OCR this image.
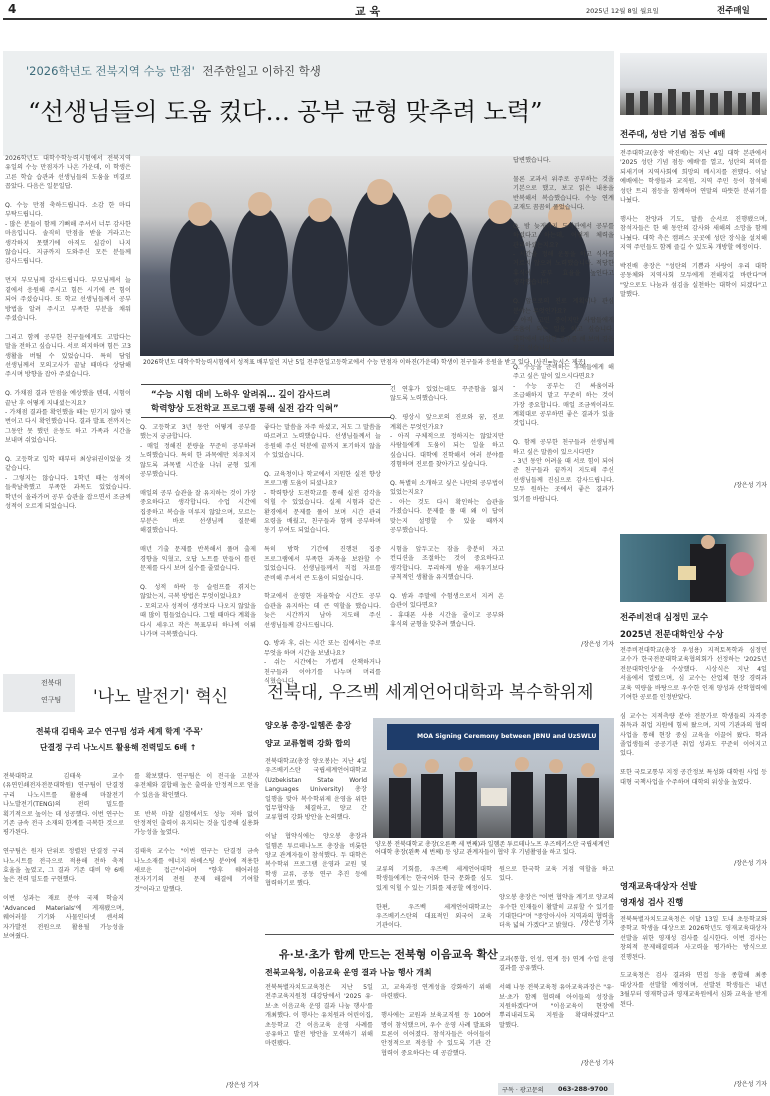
4	교 육	2025년 12월 8일 월요일	전주매일
'2026학년도 전북지역 수능 만점' 전주한일고 이하진 학생
“선생님들의 도움 컸다… 공부 균형 맞추려 노력”
2026학년도 대학수학능력시험에서 전북지역 유일의 수능 만점자가 나온 가운데, 이 학생은 고른 학습 습관과 선생님들의 도움을 비결로 꼽았다. 다음은 일문일답.

Q. 수능 만점 축하드립니다. 소감 한 마디 부탁드립니다.
- 많은 분들이 함께 기뻐해 주셔서 너무 감사한 마음입니다. 솔직히 만점을 받을 거라고는 생각하지 못했기에 아직도 실감이 나지 않습니다. 지금까지 도와주신 모든 분들께 감사드립니다.

먼저 부모님께 감사드립니다. 부모님께서 늘 곁에서 응원해 주시고 힘든 시기에 큰 힘이 되어 주셨습니다. 또 학교 선생님들께서 공부 방법을 알려 주시고 부족한 부분을 채워 주셨습니다.

그리고 함께 공부한 친구들에게도 고맙다는 말을 전하고 싶습니다. 서로 의지하며 힘든 고3 생활을 버틸 수 있었습니다. 특히 담임 선생님께서 모의고사가 끝날 때마다 상담해 주시며 방향을 잡아 주셨습니다.

Q. 가채점 결과 만점을 예상했을 텐데, 시험이 끝난 후 어떻게 지내셨는지요?
- 가채점 결과를 확인했을 때는 믿기지 않아 몇 번이고 다시 확인했습니다. 결과 발표 전까지는 그동안 못 했던 운동도 하고 가족과 시간을 보내며 쉬었습니다.

Q. 고등학교 입학 때부터 최상위권이었을 것 같습니다.
- 그렇지는 않습니다. 1학년 때는 성적이 들쑥날쑥했고 부족한 과목도 있었습니다. 학년이 올라가며 공부 습관을 잡으면서 조금씩 성적이 오르게 되었습니다.
2026학년도 대학수학능력시험에서 성적표 배부일인 지난 5일 전주한일고등학교에서 수능 만점자 이하진(가운데) 학생이 친구들과 응원을 받고 있다. (사진=뉴시스 제공)
“수능 시험 대비 노하우 알려줘… 깊이 감사드려
학력향상 도전학교 프로그램 통해 실전 감각 익혀”
Q. 고등학교 3년 동안 어떻게 공부를 했는지 궁금합니다.
- 매일 정해진 분량을 꾸준히 공부하려 노력했습니다. 특히 한 과목에만 치우치지 않도록 과목별 시간을 나눠 균형 있게 공부했습니다.

매일의 공부 습관을 잘 유지하는 것이 가장 중요하다고 생각합니다. 수업 시간에 집중하고 복습을 미루지 않았으며, 모르는 부분은 바로 선생님께 질문해 해결했습니다.

매년 기출 문제를 반복해서 풀며 출제 경향을 익혔고, 오답 노트를 만들어 틀린 문제를 다시 보며 실수를 줄였습니다.

Q. 성적 하락 등 슬럼프를 겪지는 않았는지, 극복 방법은 무엇이었나요?
- 모의고사 성적이 생각보다 나오지 않았을 때 많이 힘들었습니다. 그럴 때마다 계획을 다시 세우고 작은 목표부터 하나씩 이뤄 나가며 극복했습니다.
좋다는 말씀을 자주 하셨고, 저도 그 말씀을 따르려고 노력했습니다. 선생님들께서 늘 응원해 주신 덕분에 끝까지 포기하지 않을 수 있었습니다.

Q. 교육청이나 학교에서 지원한 실전 향상 프로그램 도움이 되셨나요?
- 학력향상 도전학교를 통해 실전 감각을 익힐 수 있었습니다. 실제 시험과 같은 환경에서 문제를 풀어 보며 시간 관리 요령을 배웠고, 친구들과 함께 공부하며 동기 부여도 되었습니다.

특히 방학 기간에 진행된 집중 프로그램에서 부족한 과목을 보완할 수 있었습니다. 선생님들께서 직접 자료를 준비해 주셔서 큰 도움이 되었습니다.

학교에서 운영한 자율학습 시간도 공부 습관을 유지하는 데 큰 역할을 했습니다. 늦은 시간까지 남아 지도해 주신 선생님들께 감사드립니다.

Q. 방과 후, 쉬는 시간 또는 집에서는 주로 무엇을 하며 시간을 보냈나요?
- 쉬는 시간에는 가볍게 산책하거나 친구들과 이야기를 나누며 머리를 식혔습니다.
긴 연휴가 있었는데도 꾸준함을 잃지 않도록 노력했습니다.

Q. 평상시 앞으로의 진로와 꿈, 진로 계획은 무엇인가요?
- 아직 구체적으로 정하지는 않았지만 사람들에게 도움이 되는 일을 하고 싶습니다. 대학에 진학해서 여러 분야를 경험하며 진로를 찾아가고 싶습니다.

Q. 특별히 소개하고 싶은 나만의 공부법이 있었는지요?
- 아는 것도 다시 확인하는 습관을 가졌습니다. 문제를 풀 때 왜 이 답이 맞는지 설명할 수 있을 때까지 공부했습니다.

시험을 앞두고는 잠을 충분히 자고 컨디션을 조절하는 것이 중요하다고 생각합니다. 무리하게 밤을 새우기보다 규칙적인 생활을 유지했습니다.

Q. 밤과 주말에 수험생으로서 지켜 온 습관이 있다면요?
- 휴대폰 사용 시간을 줄이고 공부와 휴식의 균형을 맞추려 했습니다.
답변했습니다.

물론 교과서 위주로 공부하는 것을 기본으로 했고, 보고 읽은 내용을 반복해서 복습했습니다. 수능 연계 교재도 꼼꼼히 풀었습니다.

Q. 밤 늦게까지 도서관에서 공부를 하셨다고 하는데, 어떻게 체력을 관리하셨는지요?
- 시간을 정해 운동을 하고 식사를 거르지 않으려 노력했습니다. 적당한 휴식이 공부 효율을 높인다고 생각했습니다.

Q. 앞으로의 진로 계획이나 관심 분야는 무엇인가요?
- 아직 고민 중이지만 사람들에게 도움이 되는 일을 하고 싶습니다. 대학에서 다양한 공부를 해 보며 길을 찾고 싶습니다.

Q. 수능을 준비하는 후배들에게 해 주고 싶은 말이 있으시다면요?
- 수능 공부는 긴 싸움이라 조급해하지 말고 꾸준히 하는 것이 가장 중요합니다. 매일 조금씩이라도 계획대로 공부하면 좋은 결과가 있을 것입니다.

Q. 함께 공부한 친구들과 선생님께 하고 싶은 말씀이 있으시다면?
- 3년 동안 어려울 때 서로 힘이 되어 준 친구들과 끝까지 지도해 주신 선생님들께 진심으로 감사드립니다. 모두 원하는 곳에서 좋은 결과가 있기를 바랍니다.
/장은성 기자
전주대, 성탄 기념 점등 예배
전주대학교(총장 박진배)는 지난 4일 대학 본관에서 '2025 성탄 기념 점등 예배'를 열고, 성탄의 의미를 되새기며 지역사회에 희망의 메시지를 전했다. 이날 예배에는 학생들과 교직원, 지역 주민 등이 참석해 성탄 트리 점등을 함께하며 연말의 따뜻한 분위기를 나눴다.

행사는 찬양과 기도, 말씀 순서로 진행됐으며, 참석자들은 한 해 동안의 감사와 새해의 소망을 함께 나눴다. 대학 측은 캠퍼스 곳곳에 성탄 장식을 설치해 지역 주민들도 함께 즐길 수 있도록 개방할 예정이다.

박진배 총장은 "성탄의 기쁨과 사랑이 우리 대학 공동체와 지역사회 모두에게 전해지길 바란다"며 "앞으로도 나눔과 섬김을 실천하는 대학이 되겠다"고 말했다.
/장은성 기자
전주비전대 심정민 교수
2025년 전문대학인상 수상
전주비전대학교(총장 우성용) 지적토목학과 심정민 교수가 한국전문대학교육협의회가 선정하는 '2025년 전문대학인상'을 수상했다. 시상식은 지난 4일 서울에서 열렸으며, 심 교수는 산업체 현장 경력과 교육 역량을 바탕으로 우수한 인재 양성과 산학협력에 기여한 공로를 인정받았다.

심 교수는 지적측량 분야 전문가로 학생들의 자격증 취득과 취업 지원에 힘써 왔으며, 지역 기관과의 협력 사업을 통해 현장 중심 교육을 이끌어 왔다. 학과 졸업생들의 공공기관 취업 성과도 꾸준히 이어지고 있다.

또한 국토교통부 지정 공간정보 특성화 대학원 사업 등 대형 국책사업을 수주하며 대학의 위상을 높였다.
/장은성 기자
영재교육대상자 선발
영재성 검사 진행
전북특별자치도교육청은 이달 13일 도내 초등학교와 중학교 학생을 대상으로 2026학년도 영재교육대상자 선발을 위한 영재성 검사를 실시한다. 이번 검사는 창의적 문제해결력과 사고력을 평가하는 방식으로 진행된다.

도교육청은 검사 결과와 면접 등을 종합해 최종 대상자를 선발할 예정이며, 선발된 학생들은 내년 3월부터 영재학급과 영재교육원에서 심화 교육을 받게 된다.
/장은성 기자
전북대
연구팀 '나노 발전기' 혁신
전북대 김태욱 교수 연구팀 성과 세계 학계 '주목'
단결정 구리 나노시트 활용해 전력밀도 6배 ↑
전북대학교 김태욱 교수(유연인쇄전자전문대학원) 연구팀이 단결정 구리 나노시트를 활용해 마찰전기 나노발전기(TENG)의 전력 밀도를 획기적으로 높이는 데 성공했다. 이번 연구는 기존 금속 전극 소재의 한계를 극복한 것으로 평가된다.

연구팀은 원자 단위로 정렬된 단결정 구리 나노시트를 전극으로 적용해 전하 축적 효율을 높였고, 그 결과 기존 대비 약 6배 높은 전력 밀도를 구현했다.

이번 성과는 재료 분야 국제 학술지 'Advanced Materials'에 게재됐으며, 웨어러블 기기와 사물인터넷 센서의 자가발전 전원으로 활용될 가능성을 보여줬다.
를 확보했다. 연구팀은 이 전극을 고분자 유전체와 결합해 높은 출력을 안정적으로 얻을 수 있음을 확인했다.

또 반복 마찰 실험에서도 성능 저하 없이 안정적인 출력이 유지되는 것을 입증해 실용화 가능성을 높였다.

김태욱 교수는 "이번 연구는 단결정 금속 나노소재를 에너지 하베스팅 분야에 적용한 새로운 접근"이라며 "향후 웨어러블 전자기기의 전원 문제 해결에 기여할 것"이라고 말했다.
/장은성 기자
전북대, 우즈벡 세계언어대학과 복수학위제
양오봉 총장-일헴존 총장
양교 교류협력 강화 합의
전북대학교(총장 양오봉)는 지난 4일 우즈베키스탄 국립세계언어대학교(Uzbekistan State World Languages University) 총장 일행을 맞아 복수학위제 운영을 위한 업무협약을 체결하고, 양교 간 교류협력 강화 방안을 논의했다.

이날 협약식에는 양오봉 총장과 일헴존 투르테나노프 총장을 비롯한 양교 관계자들이 참석했다. 두 대학은 복수학위 프로그램 운영과 교원 및 학생 교류, 공동 연구 추진 등에 협력하기로 했다.
MOA Signing Ceremony between JBNU and UzSWLU
양오봉 전북대학교 총장(오른쪽 세 번째)과 일헴존 투르테나노프 우즈베키스탄 국립세계언어대학 총장(왼쪽 세 번째) 등 양교 관계자들이 협약 후 기념촬영을 하고 있다.
교류의 기회를, 우즈벡 세계언어대학 학생들에게는 한국어와 한국 문화를 심도 있게 익힐 수 있는 기회를 제공할 예정이다.

한편, 우즈벡 세계언어대학교는 우즈베키스탄의 대표적인 외국어 교육 기관이다.
원으로 한국학 교육 거점 역할을 하고 있다.

양오봉 총장은 "이번 협약을 계기로 양교의 우수한 인재들이 활발히 교류할 수 있기를 기대한다"며 "중앙아시아 지역과의 협력을 더욱 넓혀 가겠다"고 밝혔다. /장은성 기자
유·보·초가 함께 만드는 전북형 이음교육 확산
전북교육청, 이음교육 운영 결과 나눔 행사 개최
전북특별자치도교육청은 지난 5일 전주교육지원청 대강당에서 '2025 유·보·초 이음교육 운영 결과 나눔 행사'를 개최했다. 이 행사는 유치원과 어린이집, 초등학교 간 이음교육 운영 사례를 공유하고 발전 방안을 모색하기 위해 마련됐다.
고, 교육과정 연계성을 강화하기 위해 마련됐다.

행사에는 교원과 보육교직원 등 100여 명이 참석했으며, 우수 운영 사례 발표와 토론이 이어졌다. 참석자들은 아이들이 안정적으로 적응할 수 있도록 기관 간 협력이 중요하다는 데 공감했다.
교과(통합, 인성, 연계 등) 연계 수업 운영 결과를 공유했다.

서혜 나동 전북교육청 유아교육과장은 "유·보·초가 함께 협력해 아이들의 성장을 지원하겠다"며 "이음교육이 현장에 뿌리내리도록 지원을 확대하겠다"고 말했다.
/장은성 기자
구독 · 광고문의 063-288-9700
